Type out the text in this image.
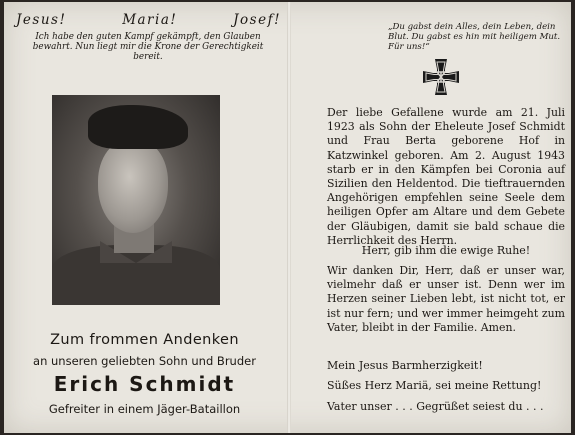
Jesus!	Maria!	Josef!
Ich habe den guten Kampf gekämpft, den Glauben bewahrt. Nun liegt mir die Krone der Gerechtigkeit bereit.
Zum frommen Andenken
an unseren geliebten Sohn und Bruder
Erich Schmidt
Gefreiter in einem Jäger-Bataillon
„Du gabst dein Alles, dein Leben, dein Blut. Du gabst es hin mit heiligem Mut. Für uns!“
Der liebe Gefallene wurde am 21. Juli 1923 als Sohn der Eheleute Josef Schmidt und Frau Berta geborene Hof in Katzwinkel geboren. Am 2. August 1943 starb er in den Kämpfen bei Coronia auf Sizilien den Heldentod. Die tieftrauernden Angehörigen empfehlen seine Seele dem heiligen Opfer am Altare und dem Gebete der Gläubigen, damit sie bald schaue die Herrlichkeit des Herrn.
Herr, gib ihm die ewige Ruhe!
Wir danken Dir, Herr, daß er unser war, vielmehr daß er unser ist. Denn wer im Herzen seiner Lieben lebt, ist nicht tot, er ist nur fern; und wer immer heimgeht zum Vater, bleibt in der Familie. Amen.
Mein Jesus Barmherzigkeit!
Süßes Herz Mariä, sei meine Rettung!
Vater unser . . . Gegrüßet seiest du . . .
